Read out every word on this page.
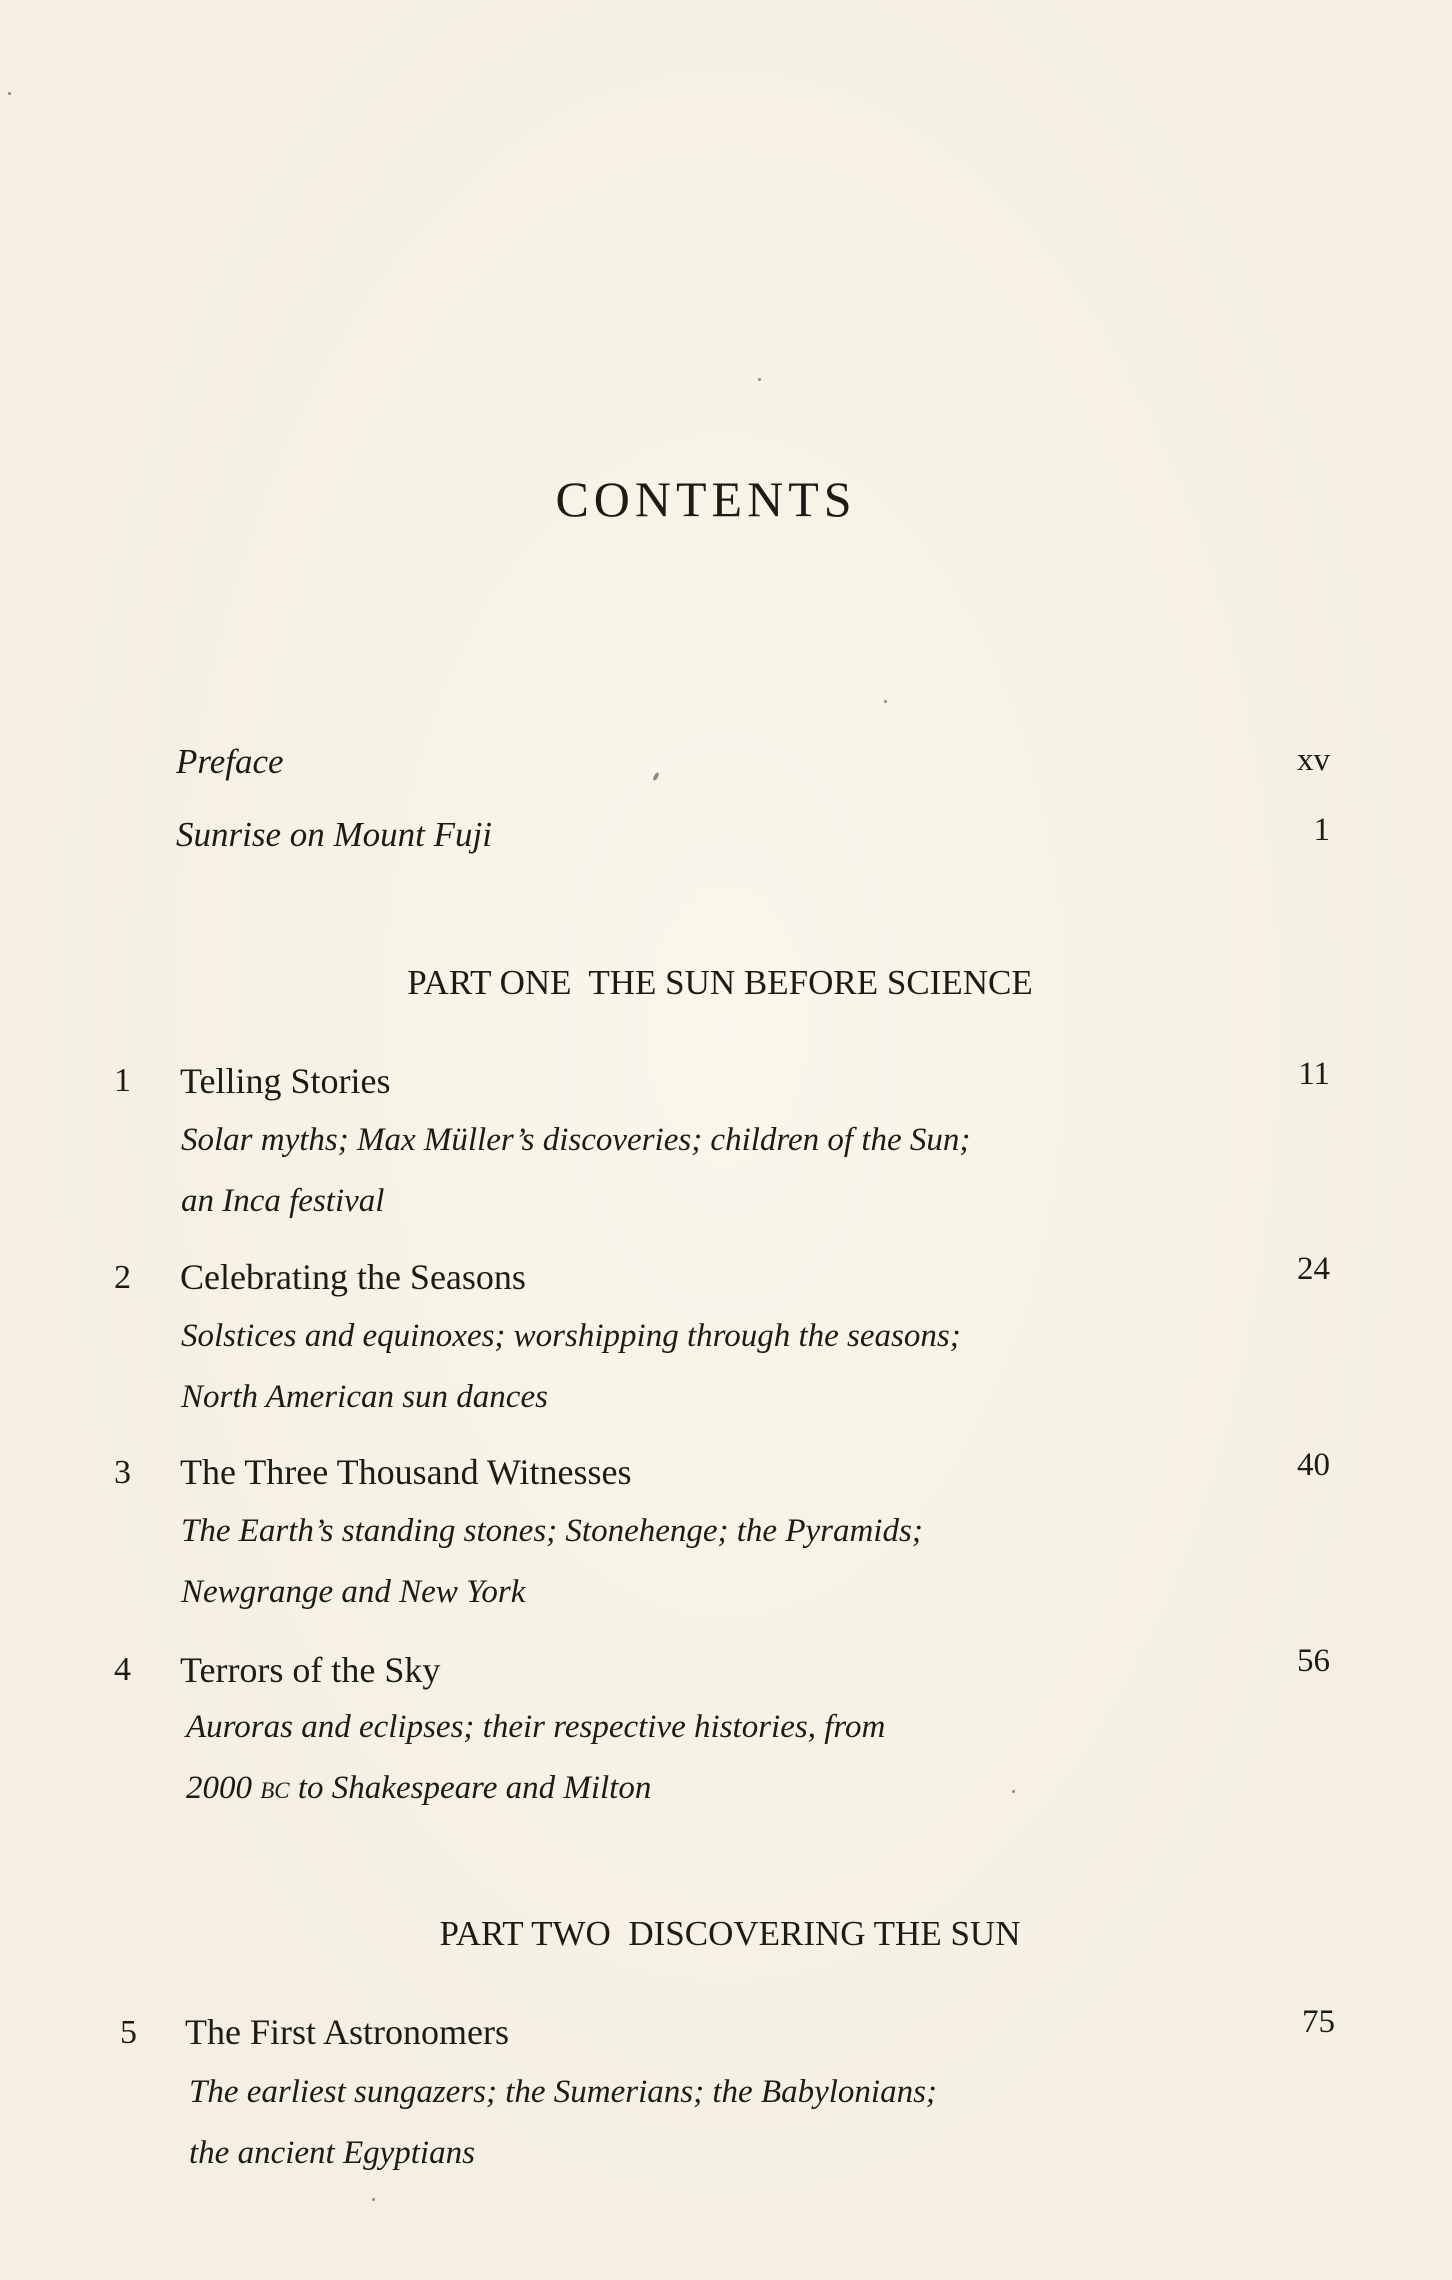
CONTENTS
Preface	xv
Sunrise on Mount Fuji	1
PART ONE  THE SUN BEFORE SCIENCE
1 Telling Stories	11
Solar myths; Max Müller’s discoveries; children of the Sun;
an Inca festival
2 Celebrating the Seasons	24
Solstices and equinoxes; worshipping through the seasons;
North American sun dances
3 The Three Thousand Witnesses	40
The Earth’s standing stones; Stonehenge; the Pyramids;
Newgrange and New York
4 Terrors of the Sky	56
Auroras and eclipses; their respective histories, from
2000 bc to Shakespeare and Milton
PART TWO  DISCOVERING THE SUN
5 The First Astronomers	75
The earliest sungazers; the Sumerians; the Babylonians;
the ancient Egyptians
